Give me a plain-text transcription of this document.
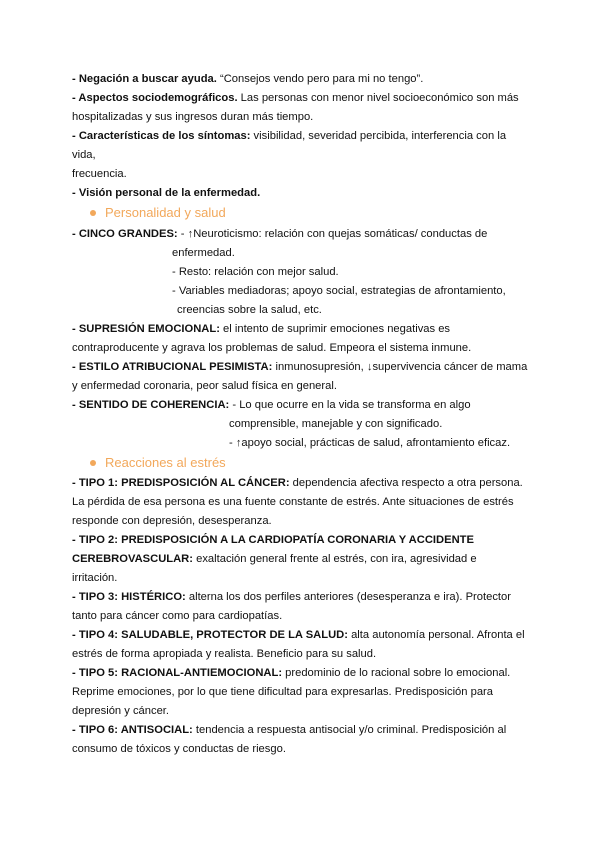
- Negación a buscar ayuda. “Consejos vendo pero para mi no tengo”.
- Aspectos sociodemográficos. Las personas con menor nivel socioeconómico son más
hospitalizadas y sus ingresos duran más tiempo.
- Características de los síntomas: visibilidad, severidad percibida, interferencia con la
vida,
frecuencia.
- Visión personal de la enfermedad.
Personalidad y salud
- CINCO GRANDES: - ↑Neuroticismo: relación con quejas somáticas/ conductas de
enfermedad.
- Resto: relación con mejor salud.
- Variables mediadoras; apoyo social, estrategias de afrontamiento,
creencias sobre la salud, etc.
- SUPRESIÓN EMOCIONAL: el intento de suprimir emociones negativas es
contraproducente y agrava los problemas de salud. Empeora el sistema inmune.
- ESTILO ATRIBUCIONAL PESIMISTA: inmunosupresión, ↓supervivencia cáncer de mama
y enfermedad coronaria, peor salud física en general.
- SENTIDO DE COHERENCIA: - Lo que ocurre en la vida se transforma en algo
comprensible, manejable y con significado.
- ↑apoyo social, prácticas de salud, afrontamiento eficaz.
Reacciones al estrés
- TIPO 1: PREDISPOSICIÓN AL CÁNCER: dependencia afectiva respecto a otra persona.
La pérdida de esa persona es una fuente constante de estrés. Ante situaciones de estrés
responde con depresión, desesperanza.
- TIPO 2: PREDISPOSICIÓN A LA CARDIOPATÍA CORONARIA Y ACCIDENTE
CEREBROVASCULAR: exaltación general frente al estrés, con ira, agresividad e
irritación.
- TIPO 3: HISTÉRICO: alterna los dos perfiles anteriores (desesperanza e ira). Protector
tanto para cáncer como para cardiopatías.
- TIPO 4: SALUDABLE, PROTECTOR DE LA SALUD: alta autonomía personal. Afronta el
estrés de forma apropiada y realista. Beneficio para su salud.
- TIPO 5: RACIONAL-ANTIEMOCIONAL: predominio de lo racional sobre lo emocional.
Reprime emociones, por lo que tiene dificultad para expresarlas. Predisposición para
depresión y cáncer.
- TIPO 6: ANTISOCIAL: tendencia a respuesta antisocial y/o criminal. Predisposición al
consumo de tóxicos y conductas de riesgo.
